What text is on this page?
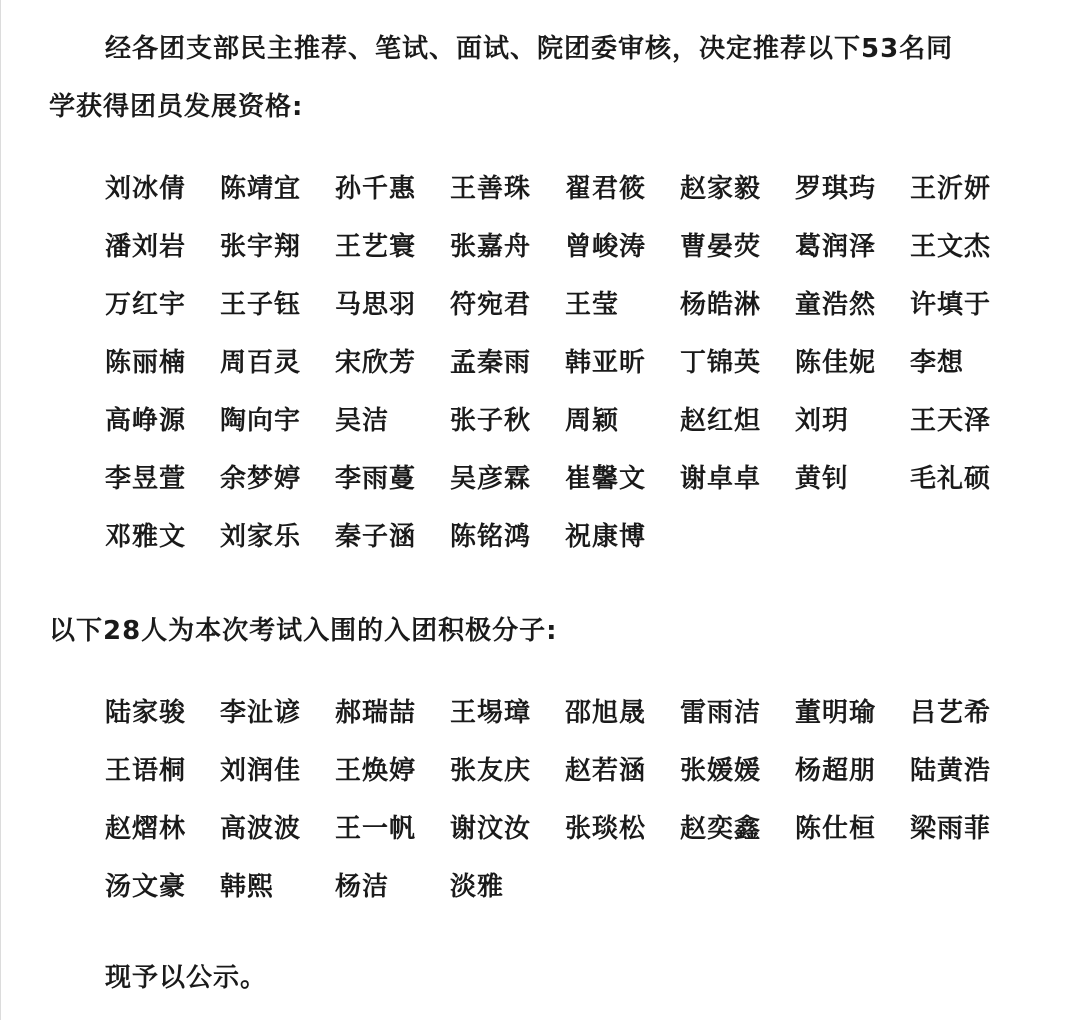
经各团支部民主推荐、笔试、面试、院团委审核，决定推荐以下53名同
学获得团员发展资格:
刘冰倩	陈靖宜	孙千惠	王善珠	翟君筱	赵家毅	罗琪玙	王沂妍
潘刘岩	张宇翔	王艺寰	张嘉舟	曾峻涛	曹晏荧	葛润泽	王文杰
万红宇	王子钰	马思羽	符宛君	王莹	杨皓淋	童浩然	许填于
陈丽楠	周百灵	宋欣芳	孟秦雨	韩亚昕	丁锦英	陈佳妮	李想
高峥源	陶向宇	吴洁	张子秋	周颖	赵红炟	刘玥	王天泽
李昱萱	余梦婷	李雨蔓	吴彦霖	崔馨文	谢卓卓	黄钊	毛礼硕
邓雅文	刘家乐	秦子涵	陈铭鸿	祝康博
以下28人为本次考试入围的入团积极分子:
陆家骏	李沚谚	郝瑞喆	王埸璋	邵旭晟	雷雨洁	董明瑜	吕艺希
王语桐	刘润佳	王焕婷	张友庆	赵若涵	张媛媛	杨超朋	陆黄浩
赵熠林	高波波	王一帆	谢汶汝	张琰松	赵奕鑫	陈仕桓	梁雨菲
汤文豪	韩熙	杨洁	淡雅
现予以公示。
